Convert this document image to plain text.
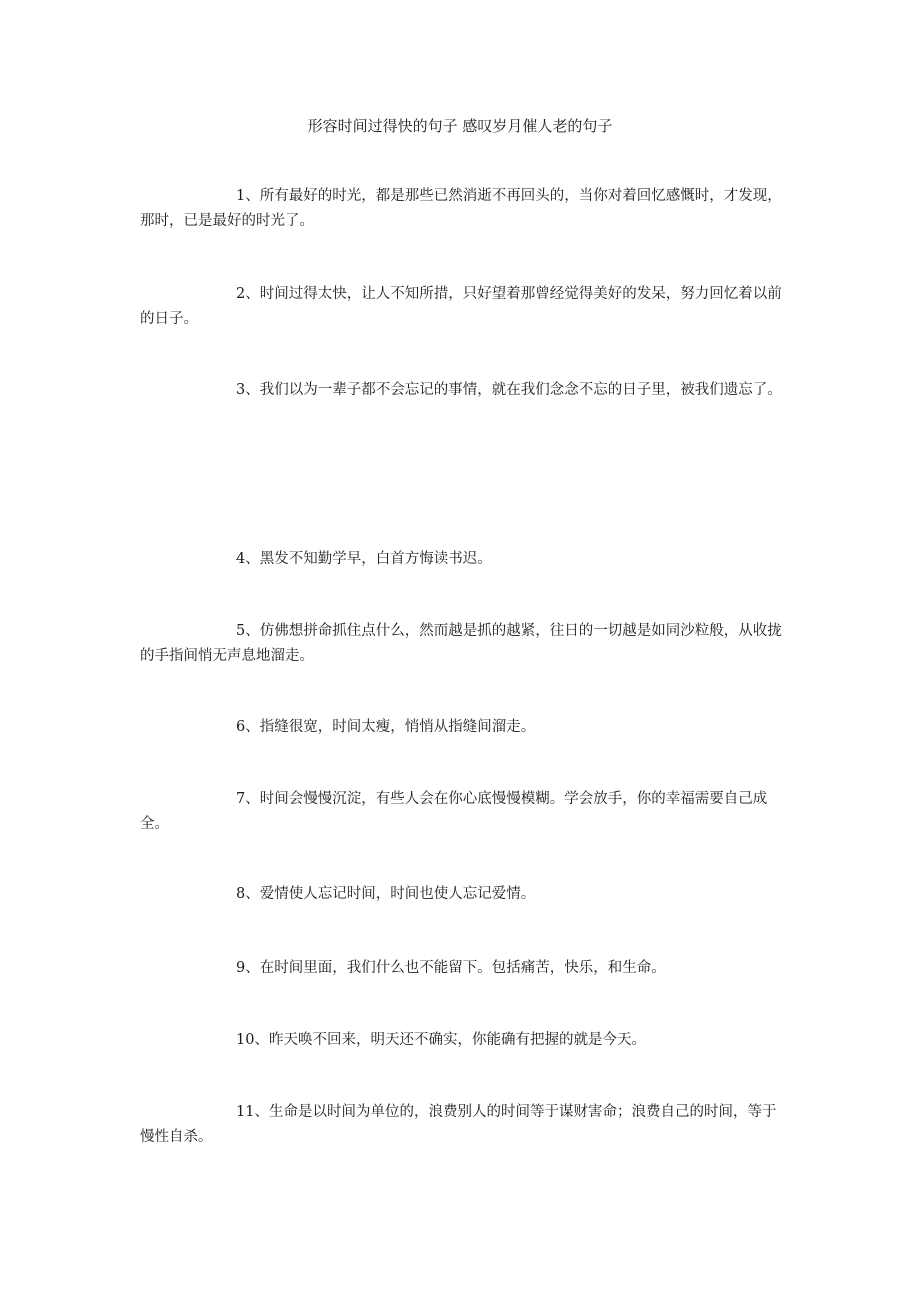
形容时间过得快的句子 感叹岁月催人老的句子

1、所有最好的时光，都是那些已然消逝不再回头的，当你对着回忆感慨时，才发现，那时，已是最好的时光了。

2、时间过得太快，让人不知所措，只好望着那曾经觉得美好的发呆，努力回忆着以前的日子。

3、我们以为一辈子都不会忘记的事情，就在我们念念不忘的日子里，被我们遗忘了。

4、黑发不知勤学早，白首方悔读书迟。

5、仿佛想拼命抓住点什么，然而越是抓的越紧，往日的一切越是如同沙粒般，从收拢的手指间悄无声息地溜走。

6、指缝很宽，时间太瘦，悄悄从指缝间溜走。

7、时间会慢慢沉淀，有些人会在你心底慢慢模糊。学会放手，你的幸福需要自己成全。

8、爱情使人忘记时间，时间也使人忘记爱情。

9、在时间里面，我们什么也不能留下。包括痛苦，快乐，和生命。

10、昨天唤不回来，明天还不确实，你能确有把握的就是今天。

11、生命是以时间为单位的，浪费别人的时间等于谋财害命；浪费自己的时间，等于慢性自杀。
